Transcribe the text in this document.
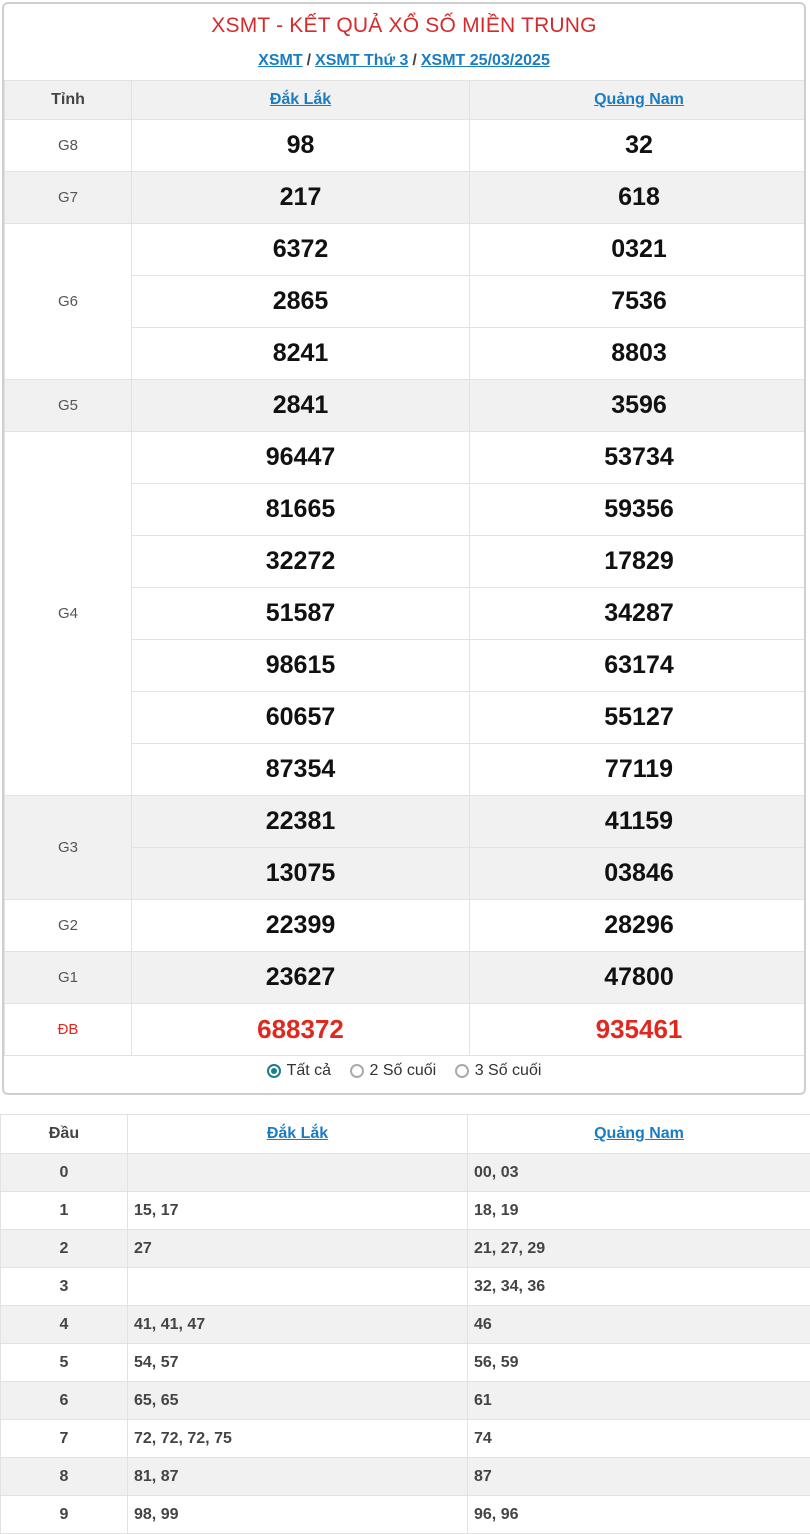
XSMT - KẾT QUẢ XỔ SỐ MIỀN TRUNG
XSMT / XSMT Thứ 3 / XSMT 25/03/2025
Tỉnh	Đắk Lắk	Quảng Nam
G8	98	32
G7	217	618
G6	6372	0321
	2865	7536
	8241	8803
G5	2841	3596
G4	96447	53734
	81665	59356
	32272	17829
	51587	34287
	98615	63174
	60657	55127
	87354	77119
G3	22381	41159
	13075	03846
G2	22399	28296
G1	23627	47800
ĐB	688372	935461
Tất cả
2 Số cuối
3 Số cuối
Đầu	Đắk Lắk	Quảng Nam
0		00, 03
1	15, 17	18, 19
2	27	21, 27, 29
3		32, 34, 36
4	41, 41, 47	46
5	54, 57	56, 59
6	65, 65	61
7	72, 72, 72, 75	74
8	81, 87	87
9	98, 99	96, 96
